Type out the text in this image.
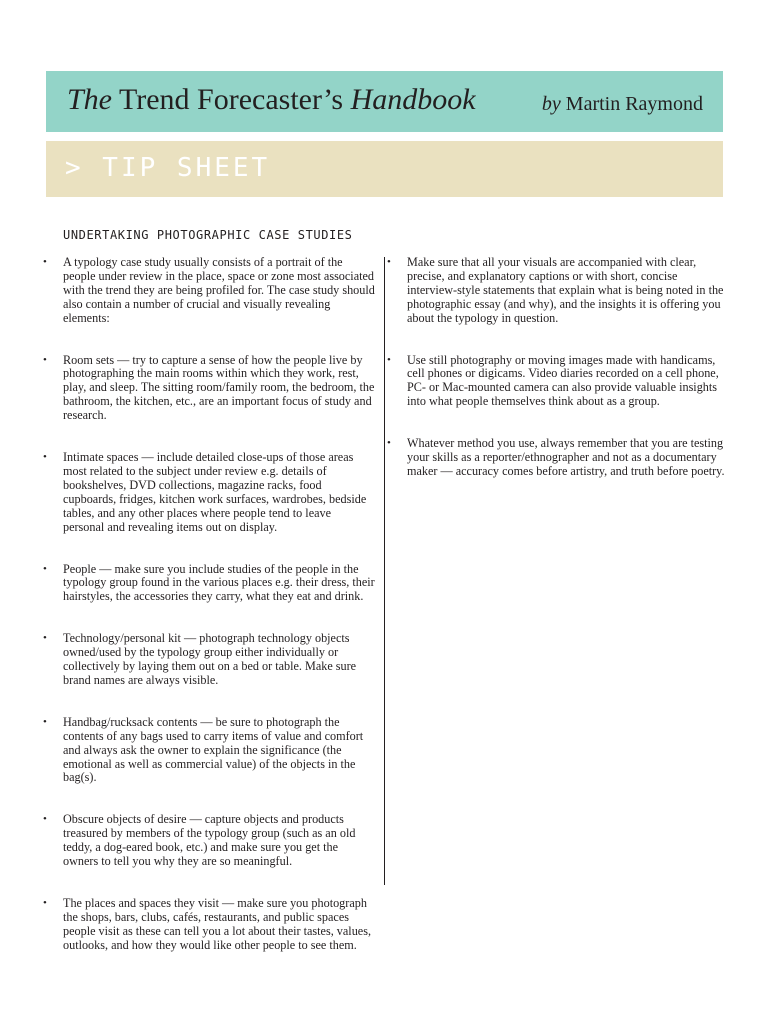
The Trend Forecaster’s Handbook	by Martin Raymond
> TIP SHEET
UNDERTAKING PHOTOGRAPHIC CASE STUDIES
• A typology case study usually consists of a portrait of the people under review in the place, space or zone most associated with the trend they are being profiled for. The case study should also contain a number of crucial and visually revealing elements:
• Room sets — try to capture a sense of how the people live by photographing the main rooms within which they work, rest, play, and sleep. The sitting room/family room, the bedroom, the bathroom, the kitchen, etc., are an important focus of study and research.
• Intimate spaces — include detailed close-ups of those areas most related to the subject under review e.g. details of bookshelves, DVD collections, magazine racks, food cupboards, fridges, kitchen work surfaces, wardrobes, bedside tables, and any other places where people tend to leave personal and revealing items out on display.
• People — make sure you include studies of the people in the typology group found in the various places e.g. their dress, their hairstyles, the accessories they carry, what they eat and drink.
• Technology/personal kit — photograph technology objects owned/used by the typology group either individually or collectively by laying them out on a bed or table. Make sure brand names are always visible.
• Handbag/rucksack contents — be sure to photograph the contents of any bags used to carry items of value and comfort and always ask the owner to explain the significance (the emotional as well as commercial value) of the objects in the bag(s).
• Obscure objects of desire — capture objects and products treasured by members of the typology group (such as an old teddy, a dog-eared book, etc.) and make sure you get the owners to tell you why they are so meaningful.
• The places and spaces they visit — make sure you photograph the shops, bars, clubs, cafés, restaurants, and public spaces people visit as these can tell you a lot about their tastes, values, outlooks, and how they would like other people to see them.
• Make sure that all your visuals are accompanied with clear, precise, and explanatory captions or with short, concise interview-style statements that explain what is being noted in the photographic essay (and why), and the insights it is offering you about the typology in question.
• Use still photography or moving images made with handicams, cell phones or digicams. Video diaries recorded on a cell phone, PC- or Mac-mounted camera can also provide valuable insights into what people themselves think about as a group.
• Whatever method you use, always remember that you are testing your skills as a reporter/ethnographer and not as a documentary maker — accuracy comes before artistry, and truth before poetry.
